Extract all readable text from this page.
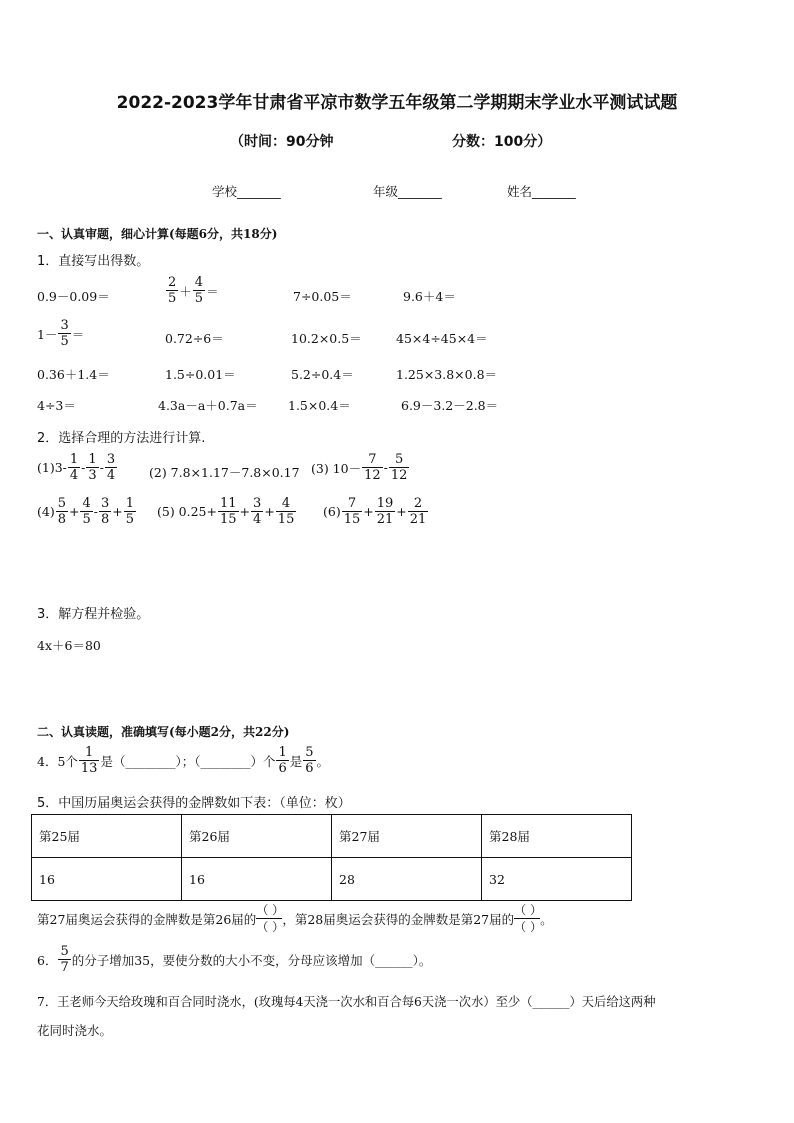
2022-2023学年甘肃省平凉市数学五年级第二学期期末学业水平测试试题
（时间：90分钟	分数：100分）
学校_______	年级_______	姓名_______
一、认真审题，细心计算(每题6分，共18分)
1．直接写出得数。
0.9－0.09＝	$\frac{2}{5} + \frac{4}{5}$ ＝	7÷0.05＝	9.6＋4＝
$1- \frac{3}{5}$ ＝	0.72÷6＝	10.2×0.5＝	45×4÷45×4＝
0.36＋1.4＝	1.5÷0.01＝	5.2÷0.4＝	1.25×3.8×0.8＝
4÷3＝	4.3a－a＋0.7a＝ 1.5×0.4＝	6.9－3.2－2.8＝
2．选择合理的方法进行计算.
$(1)3- \frac{1}{4} - \frac{1}{3} - \frac{3}{4}$	(2) 7.8×1.17－7.8×0.17 (3) $10- \frac{7}{12} - \frac{5}{12}$
$(4) \frac{5}{8} + \frac{4}{5} - \frac{3}{8} + \frac{1}{5} (5)$ $0.25+ \frac{11}{15} + \frac{3}{4} + \frac{4}{15} (6) \frac{7}{15} + \frac{19}{21} + \frac{2}{21}$
3．解方程并检验。
4x＋6＝80
二、认真读题，准确填写(每小题2分，共22分)
4．5个 $\frac{1}{13}$ 是（________）；（________）个 $\frac{1}{6}$ 是 $\frac{5}{6}$ 。
5．中国历届奥运会获得的金牌数如下表：（单位：枚）
第25届	第26届	第27届	第28届
16	16	28	32
第27届奥运会获得的金牌数是第26届的 $\frac{( )}{( )}$ ，第28届奥运会获得的金牌数是第27届的 $\frac{( )}{( )}$ 。
6． $\frac{5}{7}$ 的分子增加35，要使分数的大小不变，分母应该增加（______）。
7．王老师今天给玫瑰和百合同时浇水，(玫瑰每4天浇一次水和百合每6天浇一次水）至少（______）天后给这两种
花同时浇水。
